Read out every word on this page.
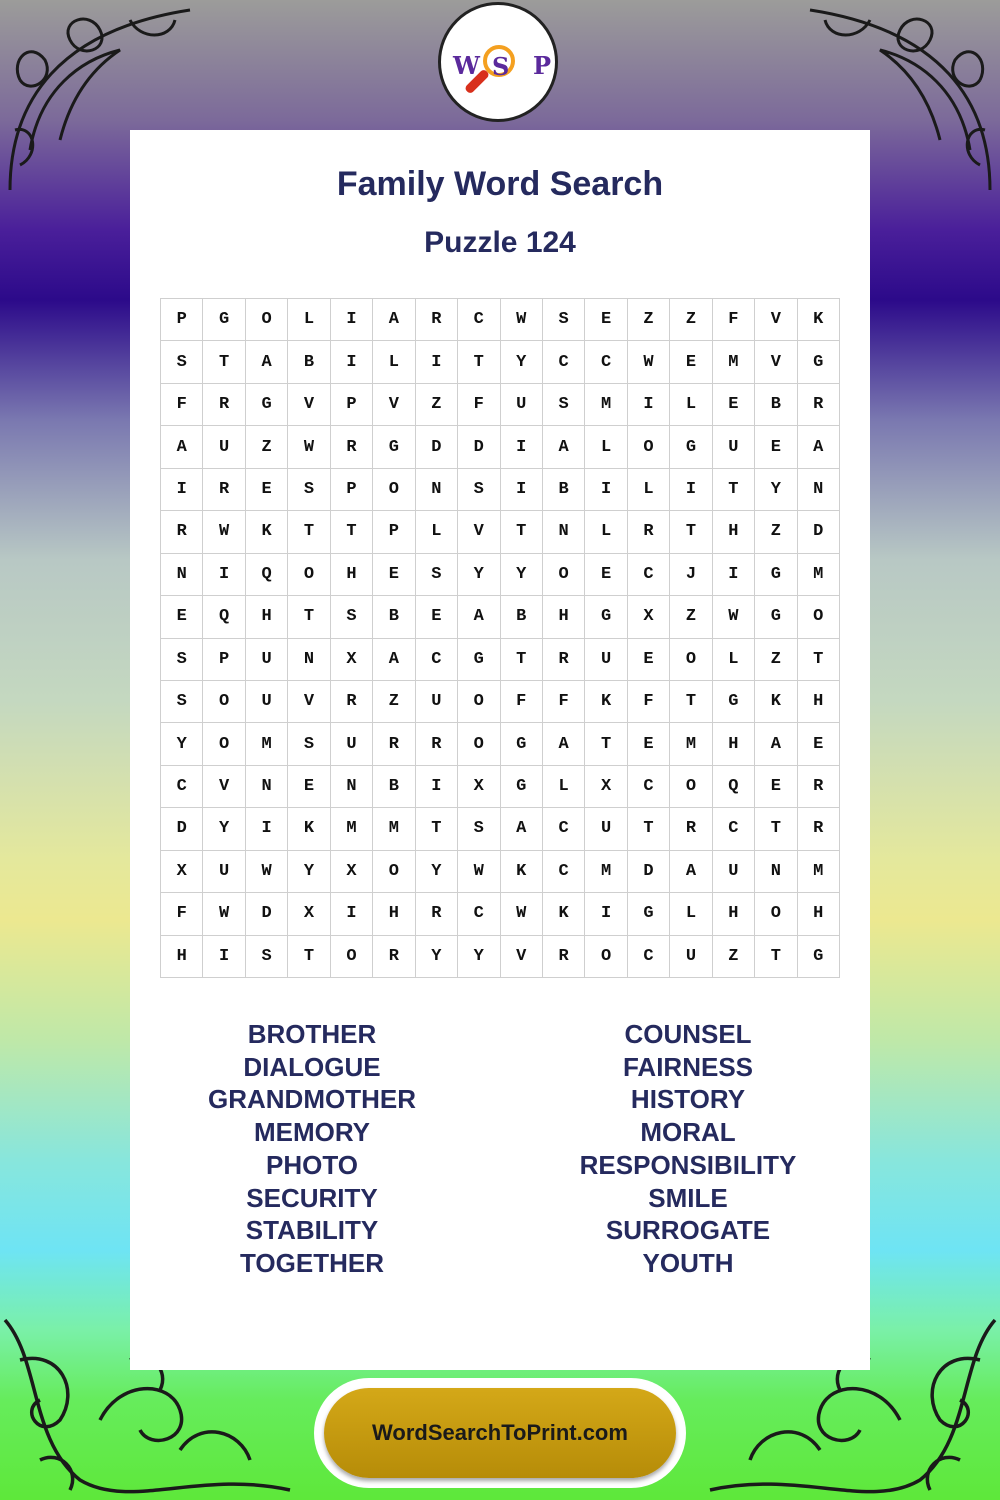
W S P
Family Word Search
Puzzle 124
P	G	O	L	I	A	R	C	W	S	E	Z	Z	F	V	K
S	T	A	B	I	L	I	T	Y	C	C	W	E	M	V	G
F	R	G	V	P	V	Z	F	U	S	M	I	L	E	B	R
A	U	Z	W	R	G	D	D	I	A	L	O	G	U	E	A
I	R	E	S	P	O	N	S	I	B	I	L	I	T	Y	N
R	W	K	T	T	P	L	V	T	N	L	R	T	H	Z	D
N	I	Q	O	H	E	S	Y	Y	O	E	C	J	I	G	M
E	Q	H	T	S	B	E	A	B	H	G	X	Z	W	G	O
S	P	U	N	X	A	C	G	T	R	U	E	O	L	Z	T
S	O	U	V	R	Z	U	O	F	F	K	F	T	G	K	H
Y	O	M	S	U	R	R	O	G	A	T	E	M	H	A	E
C	V	N	E	N	B	I	X	G	L	X	C	O	Q	E	R
D	Y	I	K	M	M	T	S	A	C	U	T	R	C	T	R
X	U	W	Y	X	O	Y	W	K	C	M	D	A	U	N	M
F	W	D	X	I	H	R	C	W	K	I	G	L	H	O	H
H	I	S	T	O	R	Y	Y	V	R	O	C	U	Z	T	G
BROTHER
DIALOGUE
GRANDMOTHER
MEMORY
PHOTO
SECURITY
STABILITY
TOGETHER
COUNSEL
FAIRNESS
HISTORY
MORAL
RESPONSIBILITY
SMILE
SURROGATE
YOUTH
WordSearchToPrint.com
